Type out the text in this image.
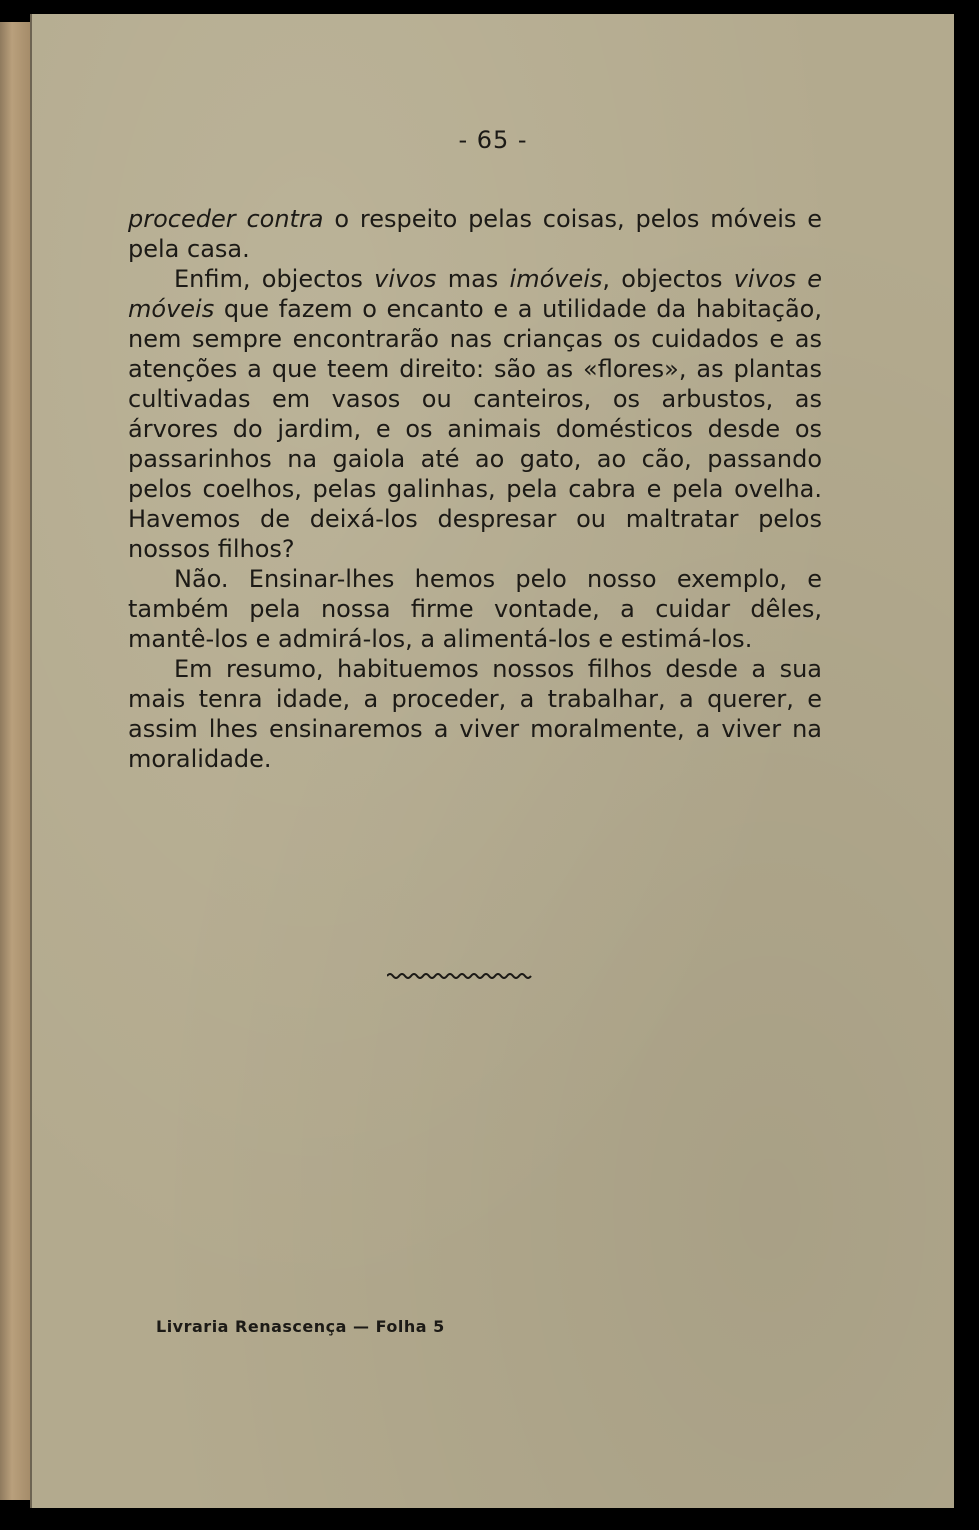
- 65 -

proceder contra o respeito pelas coisas, pelos móveis e pela casa.

Enfim, objectos vivos mas imóveis, objectos vivos e móveis que fazem o encanto e a utilidade da habitação, nem sempre encontrarão nas crianças os cuidados e as atenções a que teem direito: são as «flores», as plantas cultivadas em vasos ou canteiros, os arbustos, as árvores do jardim, e os animais domésticos desde os passarinhos na gaiola até ao gato, ao cão, passando pelos coelhos, pelas galinhas, pela cabra e pela ovelha. Havemos de deixá-los despresar ou maltratar pelos nossos filhos?

Não. Ensinar-lhes hemos pelo nosso exemplo, e também pela nossa firme vontade, a cuidar dêles, mantê-los e admirá-los, a alimentá-los e estimá-los.

Em resumo, habituemos nossos filhos desde a sua mais tenra idade, a proceder, a trabalhar, a querer, e assim lhes ensinaremos a viver moralmente, a viver na moralidade.

Livraria Renascença — Folha 5
